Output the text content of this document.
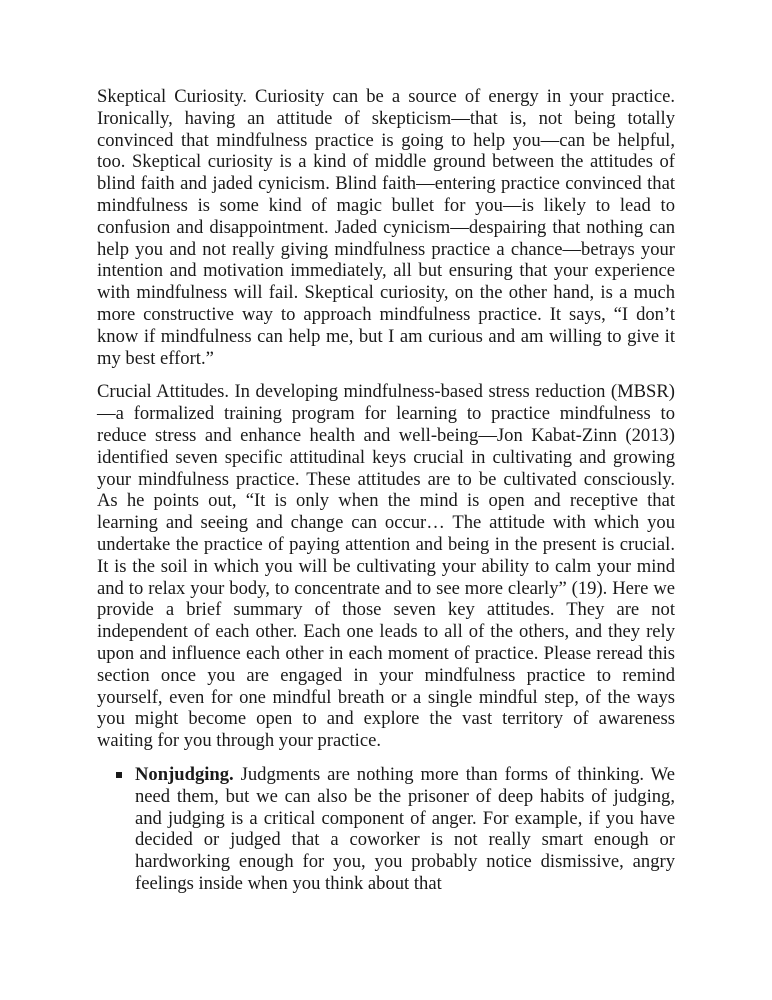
Skeptical Curiosity. Curiosity can be a source of energy in your practice. Ironically, having an attitude of skepticism—that is, not being totally convinced that mindfulness practice is going to help you—can be helpful, too. Skeptical curiosity is a kind of middle ground between the attitudes of blind faith and jaded cynicism. Blind faith—entering practice convinced that mindfulness is some kind of magic bullet for you—is likely to lead to confusion and disappointment. Jaded cynicism—despairing that nothing can help you and not really giving mindfulness practice a chance—betrays your intention and motivation immediately, all but ensuring that your experience with mindfulness will fail. Skeptical curiosity, on the other hand, is a much more constructive way to approach mindfulness practice. It says, “I don’t know if mindfulness can help me, but I am curious and am willing to give it my best effort.”

Crucial Attitudes. In developing mindfulness-based stress reduction (MBSR)—a formalized training program for learning to practice mindfulness to reduce stress and enhance health and well-being—Jon Kabat-Zinn (2013) identified seven specific attitudinal keys crucial in cultivating and growing your mindfulness practice. These attitudes are to be cultivated consciously. As he points out, “It is only when the mind is open and receptive that learning and seeing and change can occur… The attitude with which you undertake the practice of paying attention and being in the present is crucial. It is the soil in which you will be cultivating your ability to calm your mind and to relax your body, to concentrate and to see more clearly” (19). Here we provide a brief summary of those seven key attitudes. They are not independent of each other. Each one leads to all of the others, and they rely upon and influence each other in each moment of practice. Please reread this section once you are engaged in your mindfulness practice to remind yourself, even for one mindful breath or a single mindful step, of the ways you might become open to and explore the vast territory of awareness waiting for you through your practice.

Nonjudging. Judgments are nothing more than forms of thinking. We need them, but we can also be the prisoner of deep habits of judging, and judging is a critical component of anger. For example, if you have decided or judged that a coworker is not really smart enough or hardworking enough for you, you probably notice dismissive, angry feelings inside when you think about that
